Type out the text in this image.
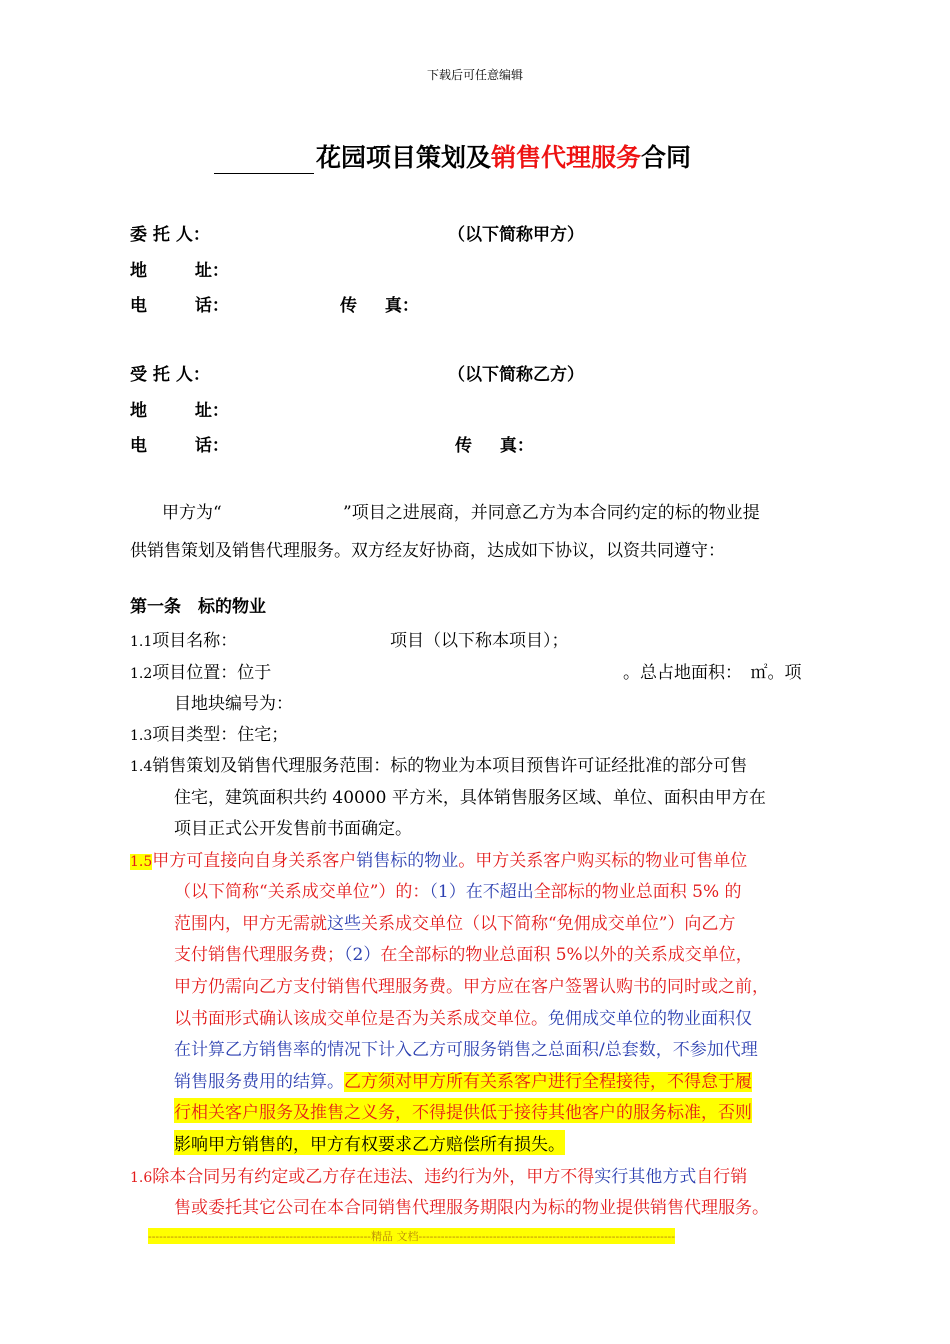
下载后可任意编辑
花园项目策划及销售代理服务合同
委 托 人：	（以下简称甲方）
地 址：
电 话：	传 真：
受 托 人：	（以下简称乙方）
地 址：
电 话：	传 真：
甲方为“	”项目之进展商，并同意乙方为本合同约定的标的物业提
供销售策划及销售代理服务。双方经友好协商，达成如下协议，以资共同遵守：
第一条　标的物业
1.1项目名称：	项目（以下称本项目）；
1.2项目位置：位于	。总占地面积：　㎡。项
目地块编号为：
1.3项目类型：住宅；
1.4销售策划及销售代理服务范围：标的物业为本项目预售许可证经批准的部分可售
住宅，建筑面积共约 40000 平方米，具体销售服务区域、单位、面积由甲方在
项目正式公开发售前书面确定。
1.5甲方可直接向自身关系客户销售标的物业。甲方关系客户购买标的物业可售单位
（以下简称“关系成交单位”）的：（1）在不超出全部标的物业总面积 5% 的
范围内，甲方无需就这些关系成交单位（以下简称“免佣成交单位”）向乙方
支付销售代理服务费；（2）在全部标的物业总面积 5%以外的关系成交单位，
甲方仍需向乙方支付销售代理服务费。甲方应在客户签署认购书的同时或之前，
以书面形式确认该成交单位是否为关系成交单位。免佣成交单位的物业面积仅
在计算乙方销售率的情况下计入乙方可服务销售之总面积/总套数，不参加代理
销售服务费用的结算。乙方须对甲方所有关系客户进行全程接待，不得怠于履
行相关客户服务及推售之义务，不得提供低于接待其他客户的服务标准，否则
影响甲方销售的，甲方有权要求乙方赔偿所有损失。
1.6除本合同另有约定或乙方存在违法、违约行为外，甲方不得实行其他方式自行销
售或委托其它公司在本合同销售代理服务期限内为标的物业提供销售代理服务。
------------------------------------------------------------精品 文档---------------------------------------------------------------------
